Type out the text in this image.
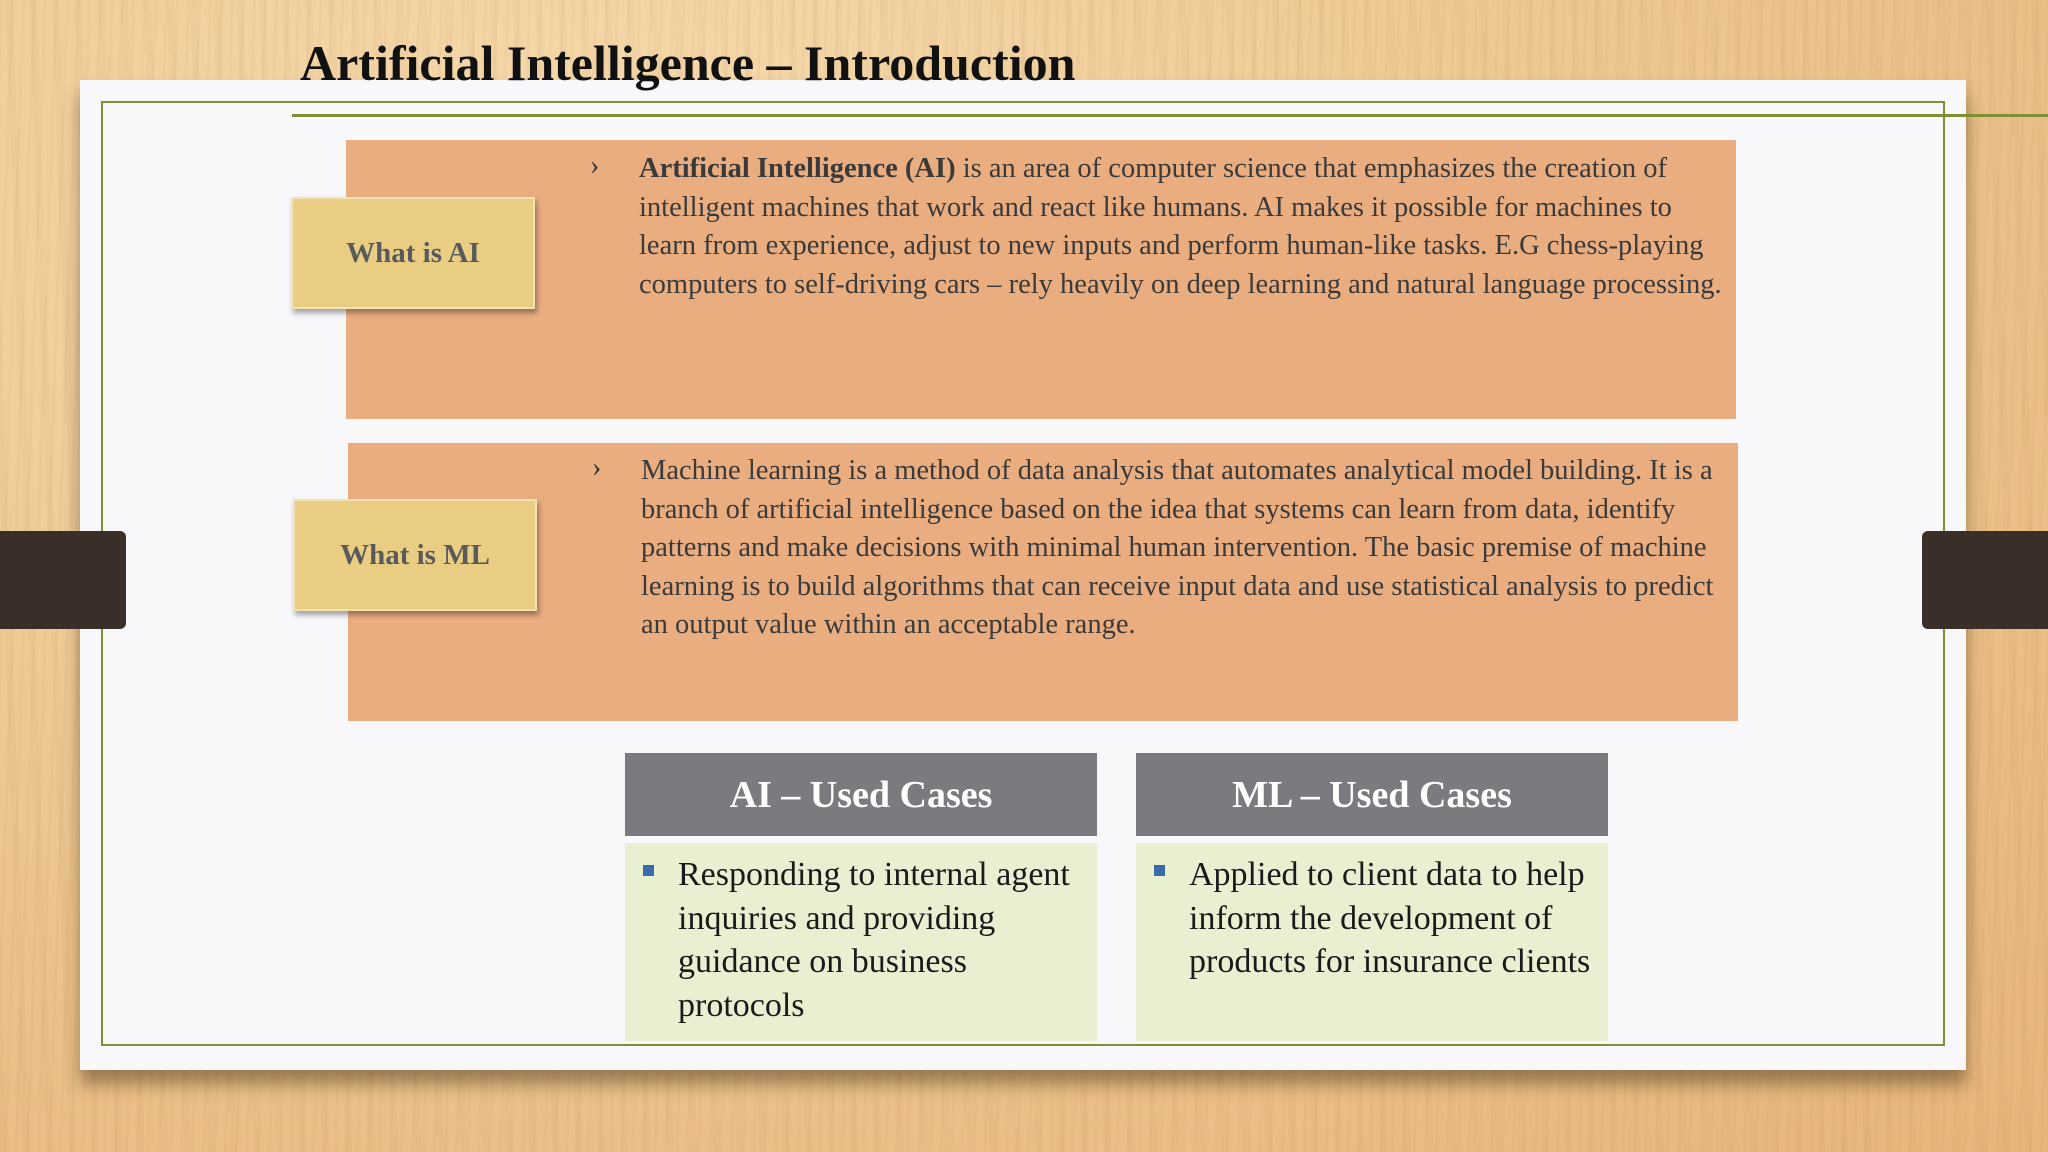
Artificial Intelligence – Introduction
What is AI
› Artificial Intelligence (AI) is an area of computer science that emphasizes the creation of intelligent machines that work and react like humans. AI makes it possible for machines to learn from experience, adjust to new inputs and perform human-like tasks. E.G chess-playing computers to self-driving cars – rely heavily on deep learning and natural language processing.
What is ML
› Machine learning is a method of data analysis that automates analytical model building. It is a branch of artificial intelligence based on the idea that systems can learn from data, identify patterns and make decisions with minimal human intervention. The basic premise of machine learning is to build algorithms that can receive input data and use statistical analysis to predict an output value within an acceptable range.
AI – Used Cases
Responding to internal agent inquiries and providing guidance on business protocols
ML – Used Cases
Applied to client data to help inform the development of products for insurance clients
